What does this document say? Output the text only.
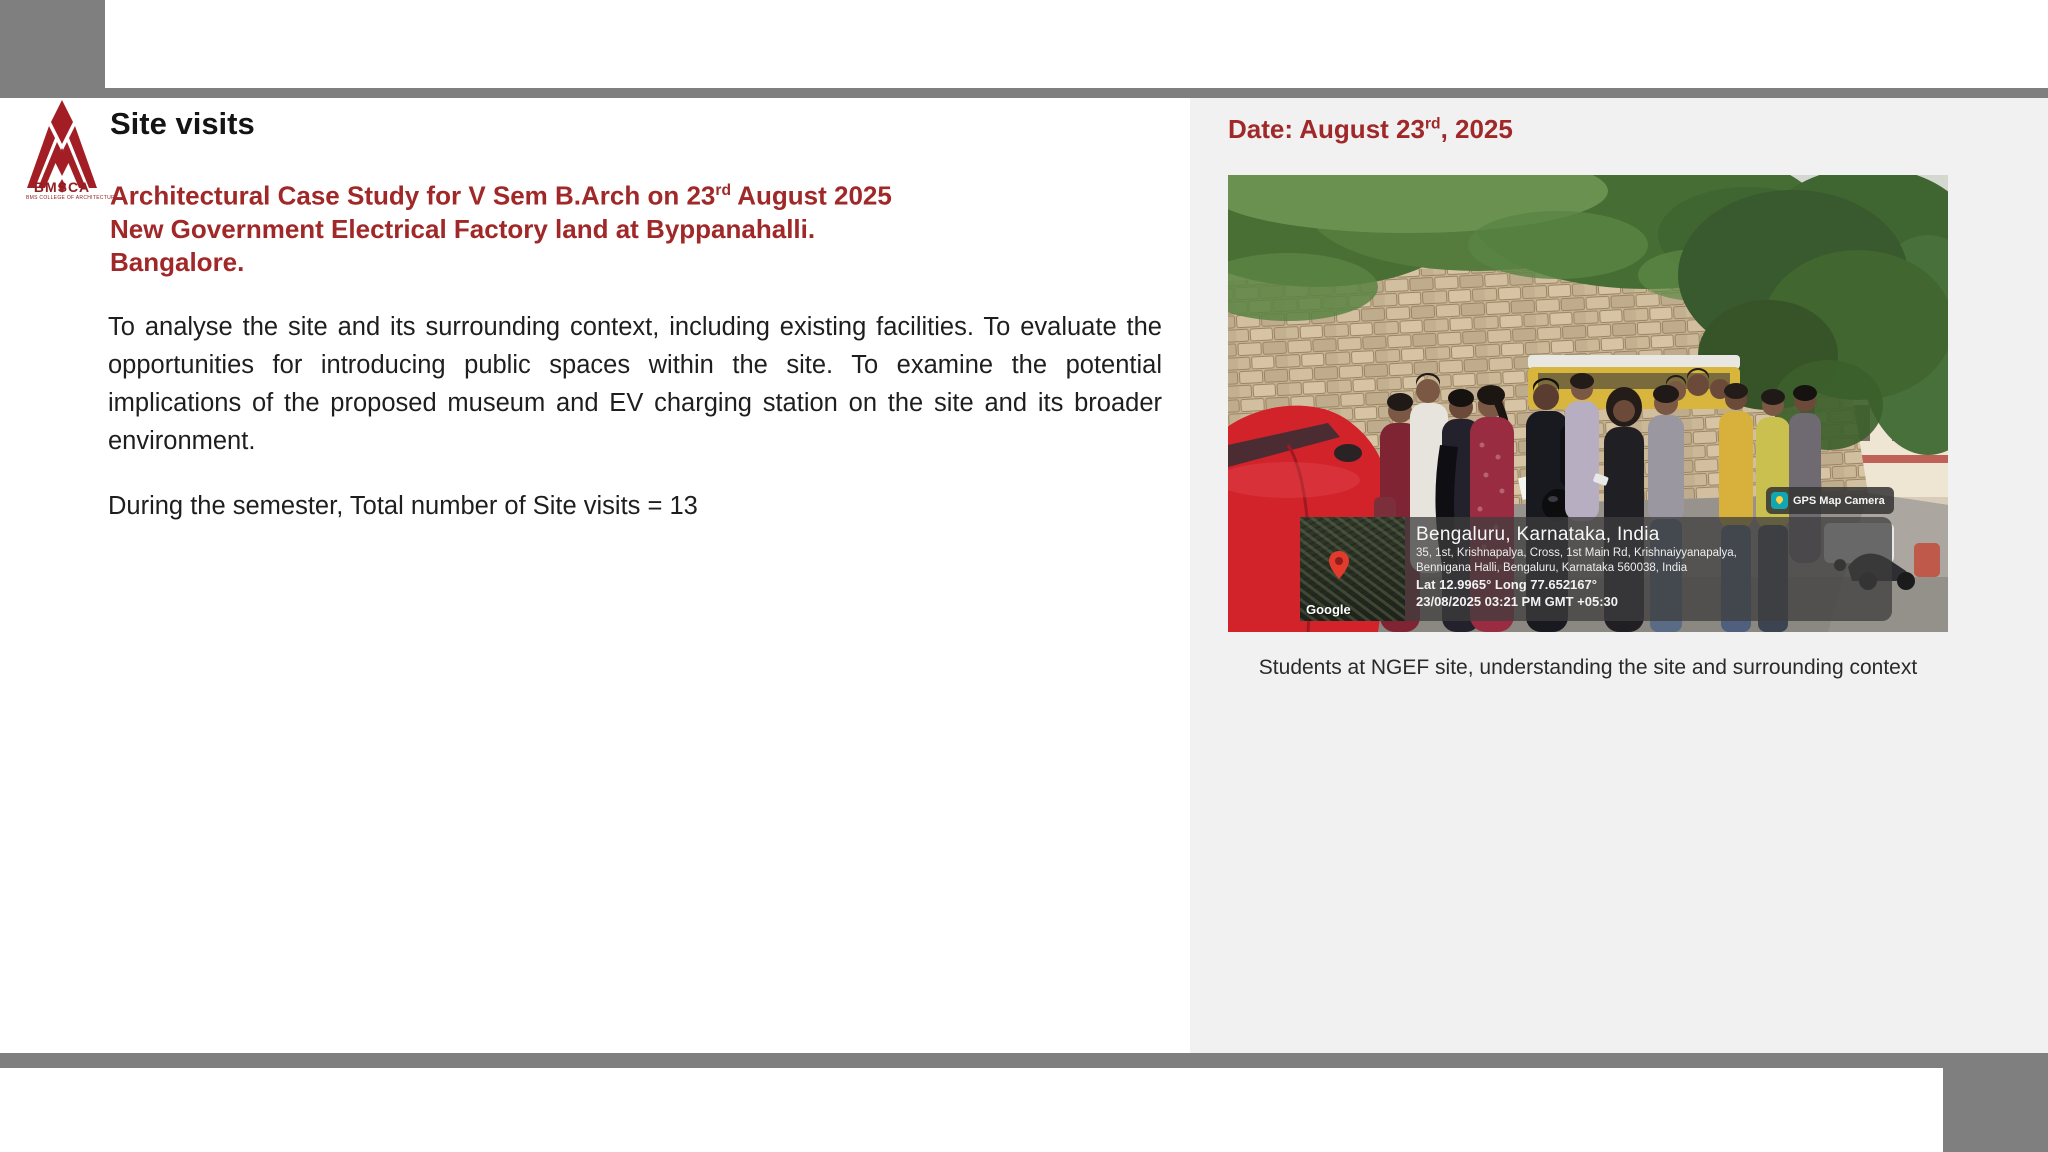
BMSCA
BMS COLLEGE OF ARCHITECTURE
Site visits
Architectural Case Study for V Sem B.Arch on 23rd August 2025
New Government Electrical Factory land at Byppanahalli.
Bangalore.
To analyse the site and its surrounding context, including existing facilities. To evaluate the opportunities for introducing public spaces within the site. To examine the potential implications of the proposed museum and EV charging station on the site and its broader environment.
During the semester, Total number of Site visits = 13
Date: August 23rd, 2025
GPS Map Camera
Bengaluru, Karnataka, India
35, 1st, Krishnapalya, Cross, 1st Main Rd, Krishnaiyyanapalya,
Bennigana Halli, Bengaluru, Karnataka 560038, India
Lat 12.9965° Long 77.652167°
23/08/2025 03:21 PM GMT +05:30
Google
Students at NGEF site, understanding the site and surrounding context
